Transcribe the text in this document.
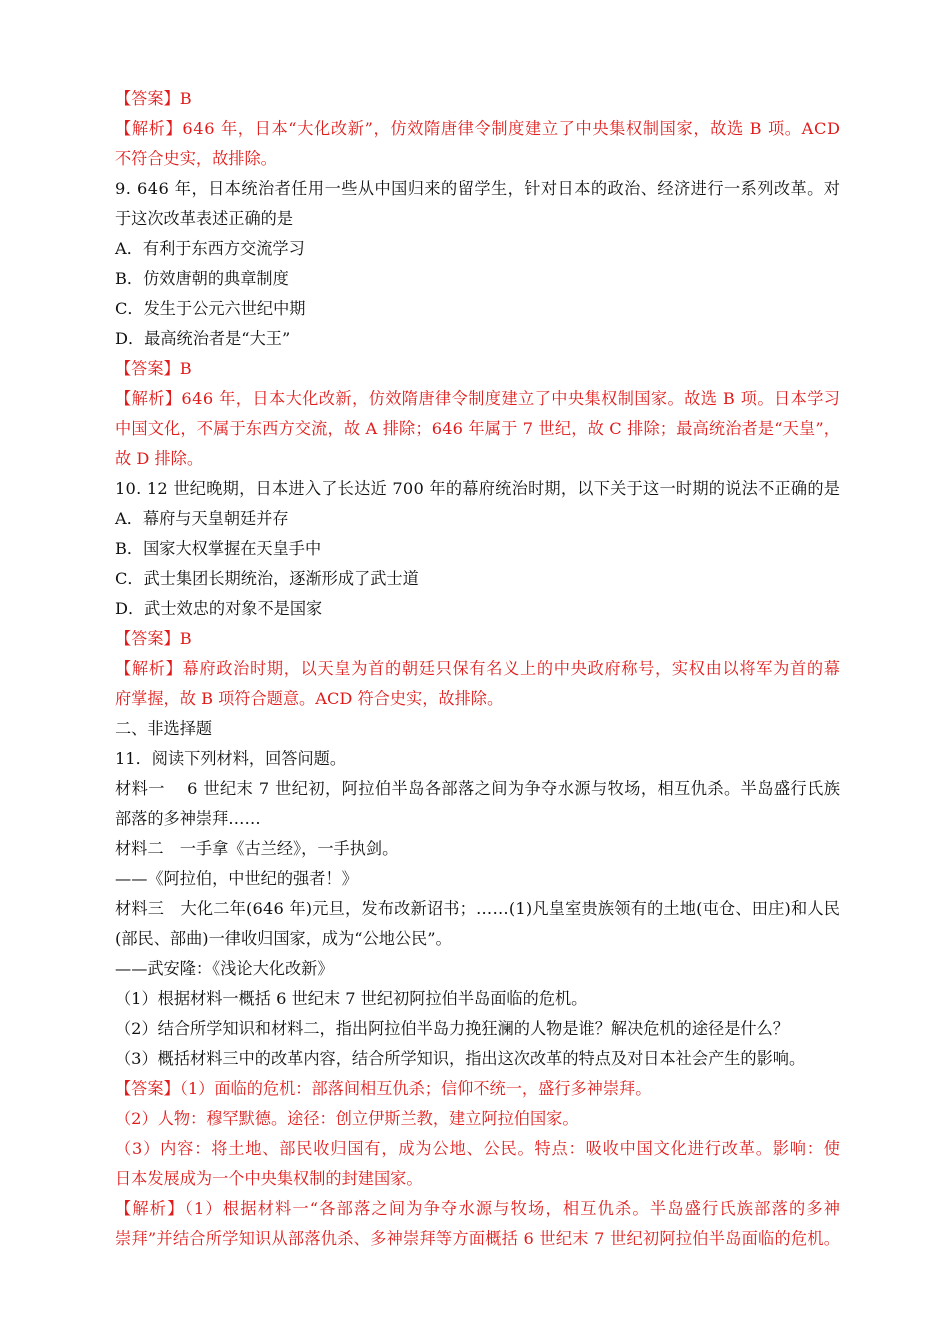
【答案】B
【解析】646 年，日本“大化改新”，仿效隋唐律令制度建立了中央集权制国家，故选 B 项。ACD
不符合史实，故排除。
9. 646 年，日本统治者任用一些从中国归来的留学生，针对日本的政治、经济进行一系列改革。对
于这次改革表述正确的是
A．有利于东西方交流学习
B．仿效唐朝的典章制度
C．发生于公元六世纪中期
D．最高统治者是“大王”
【答案】B
【解析】646 年，日本大化改新，仿效隋唐律令制度建立了中央集权制国家。故选 B 项。日本学习
中国文化，不属于东西方交流，故 A 排除；646 年属于 7 世纪，故 C 排除；最高统治者是“天皇”，
故 D 排除。
10. 12 世纪晚期，日本进入了长达近 700 年的幕府统治时期，以下关于这一时期的说法不正确的是
A．幕府与天皇朝廷并存
B．国家大权掌握在天皇手中
C．武士集团长期统治，逐渐形成了武士道
D．武士效忠的对象不是国家
【答案】B
【解析】幕府政治时期，以天皇为首的朝廷只保有名义上的中央政府称号，实权由以将军为首的幕
府掌握，故 B 项符合题意。ACD 符合史实，故排除。
二、非选择题
11．阅读下列材料，回答问题。
材料一　 6 世纪末 7 世纪初，阿拉伯半岛各部落之间为争夺水源与牧场，相互仇杀。半岛盛行氏族
部落的多神崇拜……
材料二　一手拿《古兰经》，一手执剑。
——《阿拉伯，中世纪的强者！》
材料三　大化二年(646 年)元旦，发布改新诏书；……(1)凡皇室贵族领有的土地(屯仓、田庄)和人民
(部民、部曲)一律收归国家，成为“公地公民”。
——武安隆：《浅论大化改新》
（1）根据材料一概括 6 世纪末 7 世纪初阿拉伯半岛面临的危机。
（2）结合所学知识和材料二，指出阿拉伯半岛力挽狂澜的人物是谁？解决危机的途径是什么？
（3）概括材料三中的改革内容，结合所学知识，指出这次改革的特点及对日本社会产生的影响。
【答案】（1）面临的危机：部落间相互仇杀；信仰不统一，盛行多神崇拜。
（2）人物：穆罕默德。途径：创立伊斯兰教，建立阿拉伯国家。
（3）内容：将土地、部民收归国有，成为公地、公民。特点：吸收中国文化进行改革。影响：使
日本发展成为一个中央集权制的封建国家。
【解析】（1）根据材料一“各部落之间为争夺水源与牧场，相互仇杀。半岛盛行氏族部落的多神
崇拜”并结合所学知识从部落仇杀、多神崇拜等方面概括 6 世纪末 7 世纪初阿拉伯半岛面临的危机。
